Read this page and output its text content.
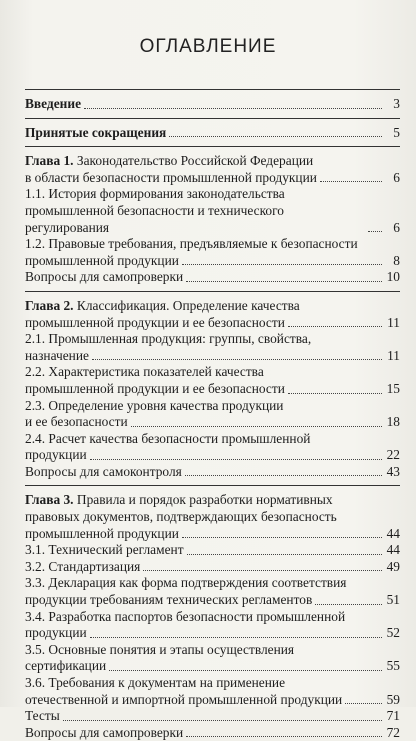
ОГЛАВЛЕНИЕ
Введение	3
Принятые сокращения	5
Глава 1. Законодательство Российской Федерации
в области безопасности промышленной продукции	6
1.1. История формирования законодательства
промышленной безопасности и технического регулирования	6
1.2. Правовые требования, предъявляемые к безопасности
промышленной продукции	8
Вопросы для самопроверки	10
Глава 2. Классификация. Определение качества
промышленной продукции и ее безопасности	11
2.1. Промышленная продукция: группы, свойства,
назначение	11
2.2. Характеристика показателей качества
промышленной продукции и ее безопасности	15
2.3. Определение уровня качества продукции
и ее безопасности	18
2.4. Расчет качества безопасности промышленной
продукции	22
Вопросы для самоконтроля	43
Глава 3. Правила и порядок разработки нормативных
правовых документов, подтверждающих безопасность
промышленной продукции	44
3.1. Технический регламент	44
3.2. Стандартизация	49
3.3. Декларация как форма подтверждения соответствия
продукции требованиям технических регламентов	51
3.4. Разработка паспортов безопасности промышленной
продукции	52
3.5. Основные понятия и этапы осуществления
сертификации	55
3.6. Требования к документам на применение
отечественной и импортной промышленной продукции	59
Тесты	71
Вопросы для самопроверки	72
